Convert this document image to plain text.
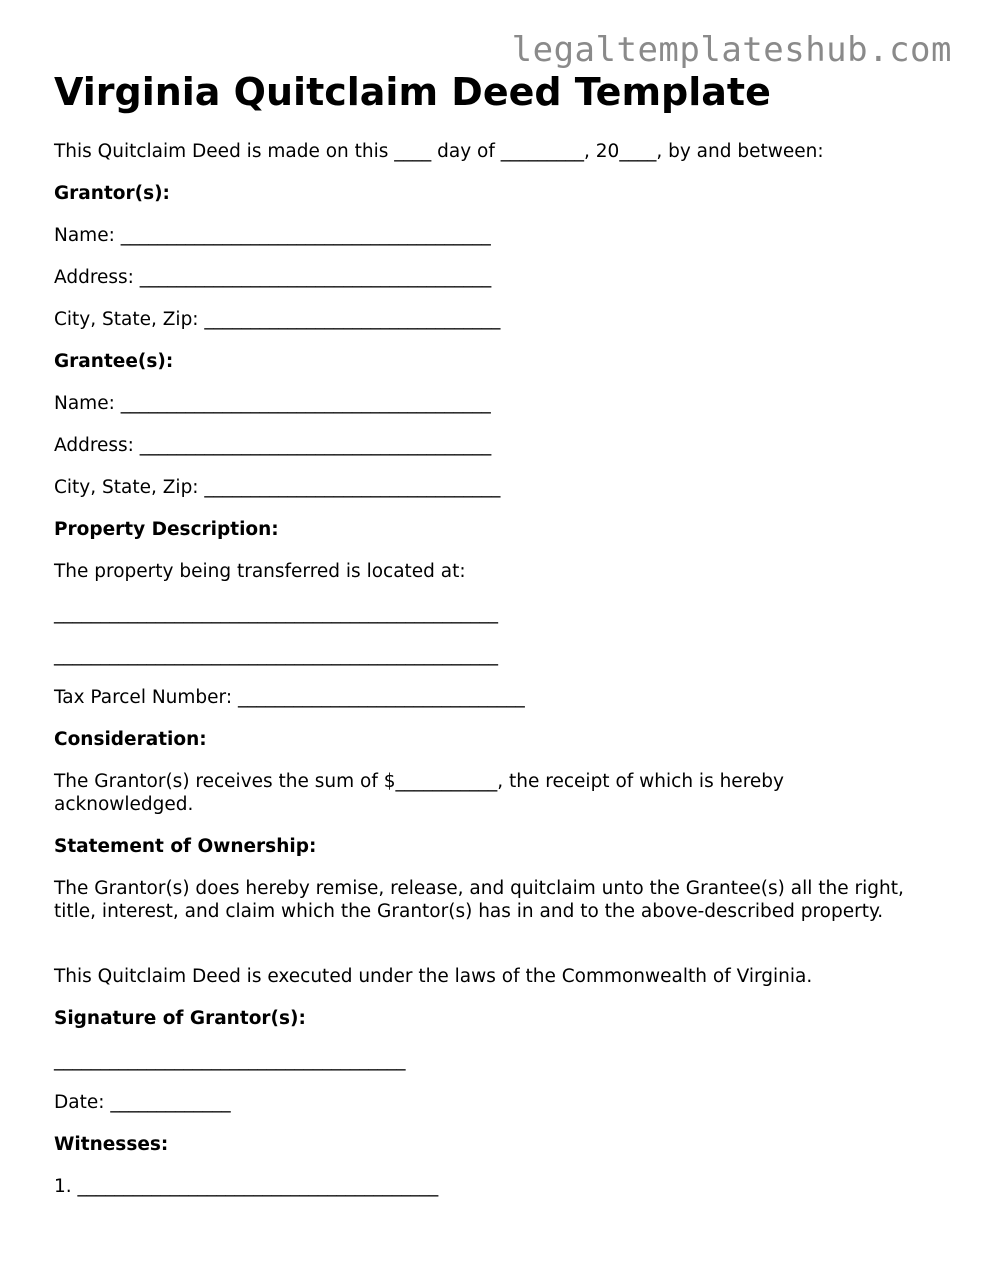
legaltemplateshub.com
Virginia Quitclaim Deed Template
This Quitclaim Deed is made on this ____ day of _________, 20____, by and between:
Grantor(s):
Name: ________________________________________
Address: ______________________________________
City, State, Zip: ________________________________
Grantee(s):
Name: ________________________________________
Address: ______________________________________
City, State, Zip: ________________________________
Property Description:
The property being transferred is located at:
________________________________________________
________________________________________________
Tax Parcel Number: _______________________________
Consideration:
The Grantor(s) receives the sum of $___________, the receipt of which is hereby acknowledged.
Statement of Ownership:
The Grantor(s) does hereby remise, release, and quitclaim unto the Grantee(s) all the right, title, interest, and claim which the Grantor(s) has in and to the above-described property.
This Quitclaim Deed is executed under the laws of the Commonwealth of Virginia.
Signature of Grantor(s):
______________________________________
Date: _____________
Witnesses:
1. _______________________________________
